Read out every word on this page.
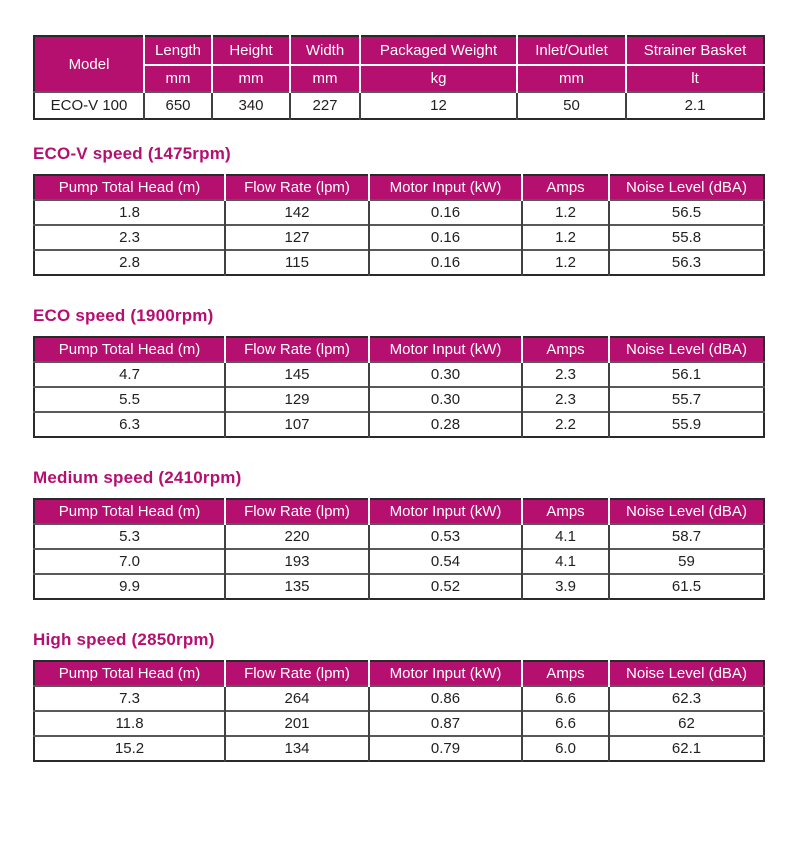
Model	Length	Height	Width	Packaged Weight	Inlet/Outlet	Strainer Basket
	mm	mm	mm	kg	mm	lt
ECO-V 100	650	340	227	12	50	2.1
ECO-V speed (1475rpm)
Pump Total Head (m)	Flow Rate (lpm)	Motor Input (kW)	Amps	Noise Level (dBA)
1.8	142	0.16	1.2	56.5
2.3	127	0.16	1.2	55.8
2.8	115	0.16	1.2	56.3
ECO speed (1900rpm)
Pump Total Head (m)	Flow Rate (lpm)	Motor Input (kW)	Amps	Noise Level (dBA)
4.7	145	0.30	2.3	56.1
5.5	129	0.30	2.3	55.7
6.3	107	0.28	2.2	55.9
Medium speed (2410rpm)
Pump Total Head (m)	Flow Rate (lpm)	Motor Input (kW)	Amps	Noise Level (dBA)
5.3	220	0.53	4.1	58.7
7.0	193	0.54	4.1	59
9.9	135	0.52	3.9	61.5
High speed (2850rpm)
Pump Total Head (m)	Flow Rate (lpm)	Motor Input (kW)	Amps	Noise Level (dBA)
7.3	264	0.86	6.6	62.3
11.8	201	0.87	6.6	62
15.2	134	0.79	6.0	62.1
